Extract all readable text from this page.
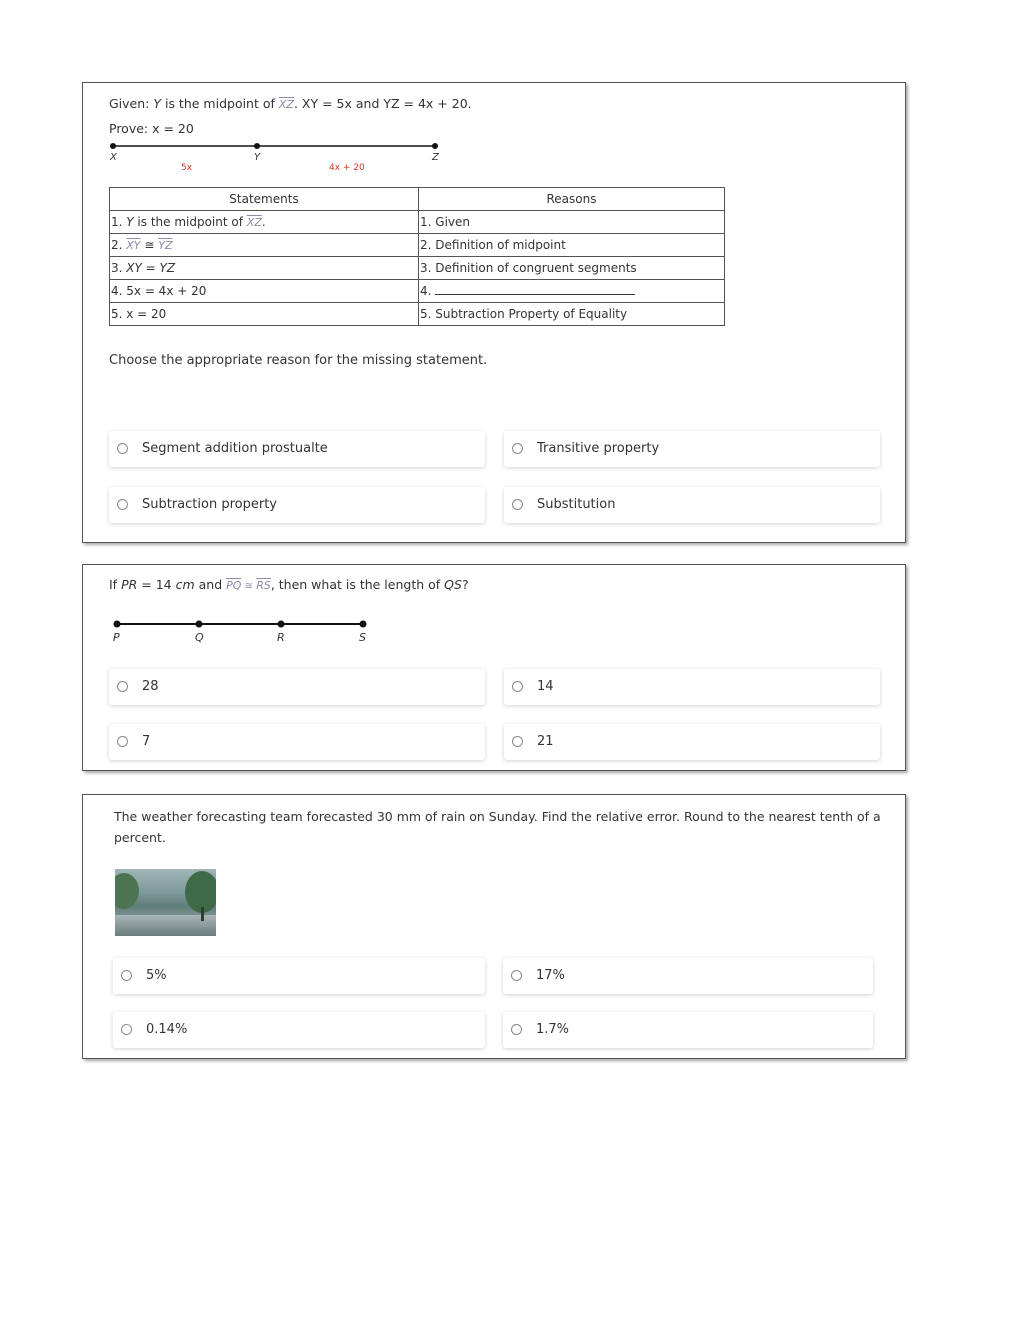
Given: Y is the midpoint of $\overline{XZ}$. XY = 5x and YZ = 4x + 20.
Prove: x = 20
X	Y	Z
5x	4x + 20
Statements	Reasons
1. Y is the midpoint of $\overline{XZ}$.	1. Given
2. $\overline{XY}$ ≅ $\overline{YZ}$	2. Definition of midpoint
3. XY = YZ	3. Definition of congruent segments
4. 5x = 4x + 20	4.
5. x = 20	5. Subtraction Property of Equality
Choose the appropriate reason for the missing statement.
Segment addition prostualte	Transitive property
Subtraction property	Substitution
If PR = 14 cm and $\overline{PQ}$ ≅ $\overline{RS}$, then what is the length of QS?
P	Q	R	S
28	14
7	21
The weather forecasting team forecasted 30 mm of rain on Sunday. Find the relative error. Round to the nearest tenth of a
percent.
5%	17%
0.14%	1.7%
